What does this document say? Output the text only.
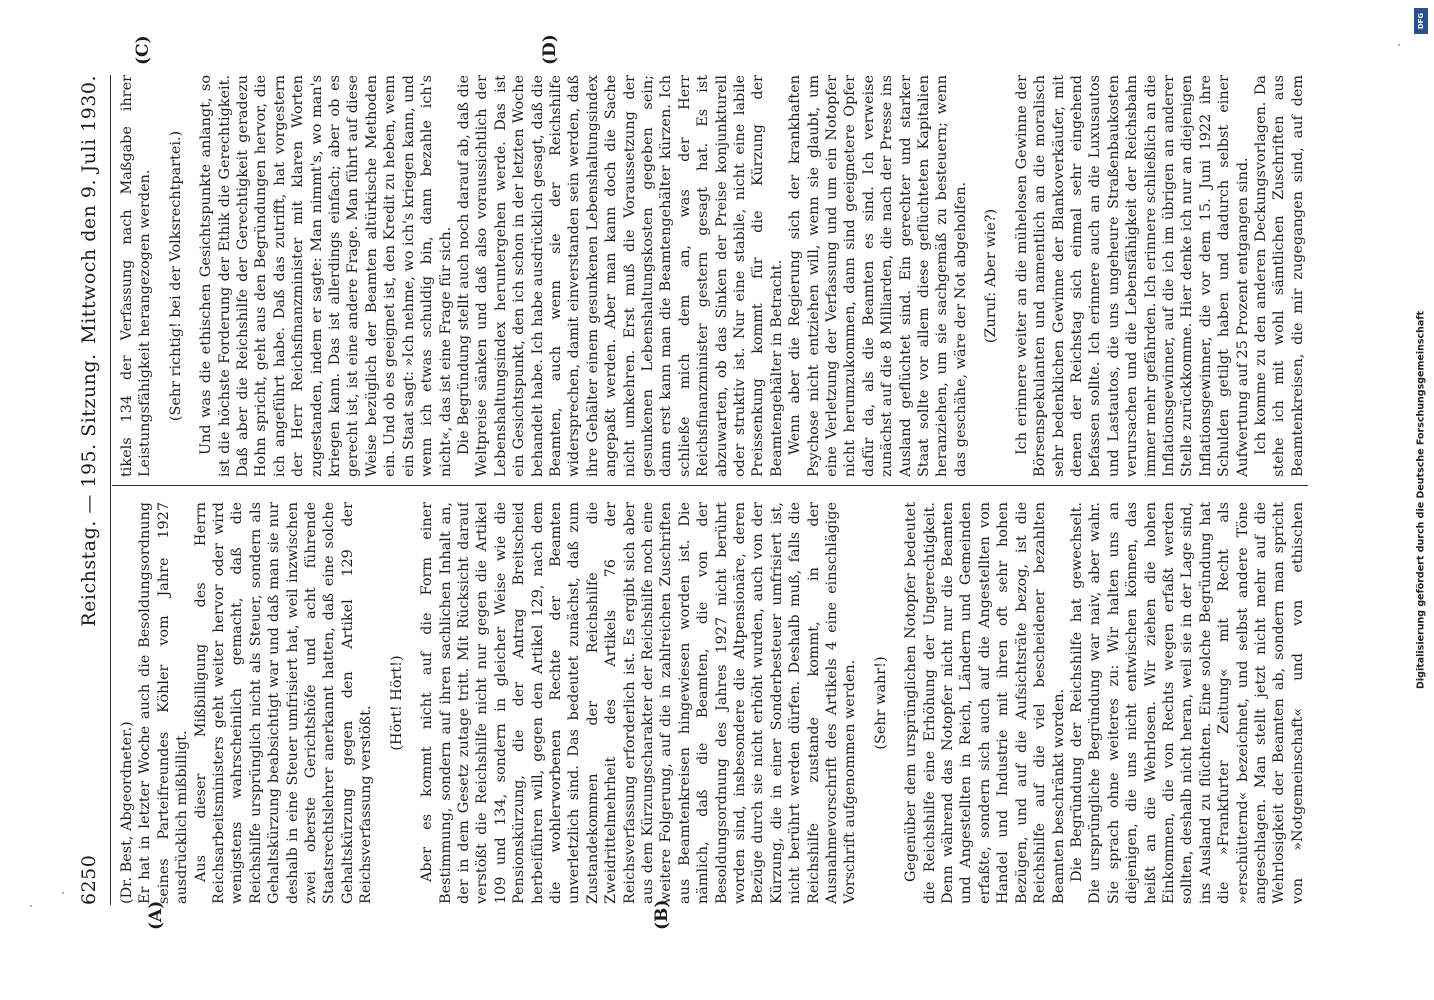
6250
Reichstag. — 195. Sitzung.
Mittwoch den 9. Juli 1930.
(A)	(B)
(C)	(D)

(Dr. Best, Abgeordneter.) Er hat in letzter Woche auch die Besoldungsordnung seines Parteifreundes Köhler vom Jahre 1927 ausdrücklich mißbilligt. Aus dieser Mißbilligung des Herrn Reichsarbeitsministers geht weiter hervor oder wird wenigstens wahrscheinlich gemacht, daß die Reichshilfe ursprünglich nicht als Steuer, sondern als Gehaltskürzung beabsichtigt war und daß man sie nur deshalb in eine Steuer umfrisiert hat, weil inzwischen zwei oberste Gerichtshöfe und acht führende Staatsrechtslehrer anerkannt hatten, daß eine solche Gehaltskürzung gegen den Artikel 129 der Reichsverfassung verstößt.

(Hört! Hört!) Aber es kommt nicht auf die Form einer Bestimmung, sondern auf ihren sachlichen Inhalt an, der in dem Gesetz zutage tritt. Mit Rücksicht darauf verstößt die Reichshilfe nicht nur gegen die Artikel 109 und 134, sondern in gleicher Weise wie die Pensionskürzung, die der Antrag Breitscheid herbeiführen will, gegen den Artikel 129, nach dem die wohlerworbenen Rechte der Beamten unverletzlich sind. Das bedeutet zunächst, daß zum Zustandekommen der Reichshilfe die Zweidrittelmehrheit des Artikels 76 der Reichsverfassung erforderlich ist. Es ergibt sich aber aus dem Kürzungscharakter der Reichshilfe noch eine weitere Folgerung, auf die in zahlreichen Zuschriften aus Beamtenkreisen hingewiesen worden ist. Die nämlich, daß die Beamten, die von der Besoldungsordnung des Jahres 1927 nicht berührt worden sind, insbesondere die Altpensionäre, deren Bezüge durch sie nicht erhöht wurden, auch von der Kürzung, die in einer Sonderbesteuer umfrisiert ist, nicht berührt werden dürfen. Deshalb muß, falls die Reichshilfe zustande kommt, in der Ausnahmevorschrift des Artikels 4 eine einschlägige Vorschrift aufgenommen werden. (Sehr wahr!) Gegenüber dem ursprünglichen Notopfer bedeutet die Reichshilfe eine Erhöhung der Ungerechtigkeit. Denn während das Notopfer nicht nur die Beamten und Angestellten in Reich, Ländern und Gemeinden erfaßte, sondern sich auch auf die Angestellten von Handel und Industrie mit ihren oft sehr hohen Bezügen, und auf die Aufsichtsräte bezog, ist die Reichshilfe auf die viel bescheidener bezahlten Beamten beschränkt worden. Die Begründung der Reichshilfe hat gewechselt. Die ursprüngliche Begründung war naiv, aber wahr. Sie sprach ohne weiteres zu: Wir halten uns an diejenigen, die uns nicht entwischen können, das heißt an die Wehrlosen. Wir ziehen die hohen Einkommen, die von Rechts wegen erfaßt werden sollten, deshalb nicht heran, weil sie in der Lage sind, ins Ausland zu flüchten. Eine solche Begründung hat die »Frankfurter Zeitung« mit Recht als »erschütternd« bezeichnet, und selbst andere Töne angeschlagen. Man stellt jetzt nicht mehr auf die Wehrlosigkeit der Beamten ab, sondern man spricht von »Notgemeinschaft« und von ethischen

tikels 134 der Verfassung nach Maßgabe ihrer Leistungsfähigkeit herangezogen werden. (Sehr richtig! bei der Volksrechtpartei.) Und was die ethischen Gesichtspunkte anlangt, so ist die höchste Forderung der Ethik die Gerechtigkeit. Daß aber die Reichshilfe der Gerechtigkeit geradezu Hohn spricht, geht aus den Begründungen hervor, die ich angeführt habe. Daß das zutrifft, hat vorgestern der Herr Reichsfinanzminister mit klaren Worten zugestanden, indem er sagte: Man nimmt's, wo man's kriegen kann. Das ist allerdings einfach; aber ob es gerecht ist, ist eine andere Frage. Man führt auf diese Weise bezüglich der Beamten altürkische Methoden ein. Und ob es geeignet ist, den Kredit zu heben, wenn ein Staat sagt: »Ich nehme, wo ich's kriegen kann, und wenn ich etwas schuldig bin, dann bezahle ich's nicht«, das ist eine Frage für sich. Die Begründung stellt auch noch darauf ab, daß die Weltpreise sänken und daß also voraussichtlich der Lebenshaltungsindex heruntergehen werde. Das ist ein Gesichtspunkt, den ich schon in der letzten Woche behandelt habe. Ich habe ausdrücklich gesagt, daß die Beamten, auch wenn sie der Reichshilfe widersprechen, damit einverstanden sein werden, daß ihre Gehälter einem gesunkenen Lebenshaltungsindex angepaßt werden. Aber man kann doch die Sache nicht umkehren. Erst muß die Voraussetzung der gesunkenen Lebenshaltungskosten gegeben sein; dann erst kann man die Beamtengehälter kürzen. Ich schließe mich dem an, was der Herr Reichsfinanzminister gestern gesagt hat. Es ist abzuwarten, ob das Sinken der Preise konjunkturell oder struktiv ist. Nur eine stabile, nicht eine labile Preissenkung kommt für die Kürzung der Beamtengehälter in Betracht. Wenn aber die Regierung sich der krankhaften Psychose nicht entziehen will, wenn sie glaubt, um eine Verletzung der Verfassung und um ein Notopfer nicht herumzukommen, dann sind geeignetere Opfer dafür da, als die Beamten es sind. Ich verweise zunächst auf die 8 Milliarden, die nach der Presse ins Ausland geflüchtet sind. Ein gerechter und starker Staat sollte vor allem diese geflüchteten Kapitalien heranziehen, um sie sachgemäß zu besteuern; wenn das geschähe, wäre der Not abgeholfen. (Zuruf: Aber wie?) Ich erinnere weiter an die mühelosen Gewinne der Börsenspekulanten und namentlich an die moralisch sehr bedenklichen Gewinne der Blankoverkäufer, mit denen der Reichstag sich einmal sehr eingehend befassen sollte. Ich erinnere auch an die Luxusautos und Lastautos, die uns ungeheure Straßenbaukosten verursachen und die Lebensfähigkeit der Reichsbahn immer mehr gefährden. Ich erinnere schließlich an die Inflationsgewinner, auf die ich im übrigen an anderer Stelle zurückkomme. Hier denke ich nur an diejenigen Inflationsgewinner, die vor dem 15. Juni 1922 ihre Schulden getilgt haben und dadurch selbst einer Aufwertung auf 25 Prozent entgangen sind. Ich komme zu den anderen Deckungsvorlagen. Da stehe ich mit wohl sämtlichen Zuschriften aus Beamtenkreisen, die mir zugegangen sind, auf dem

Digitalisierung gefördert durch die Deutsche Forschungsgemeinschaft
DFG
